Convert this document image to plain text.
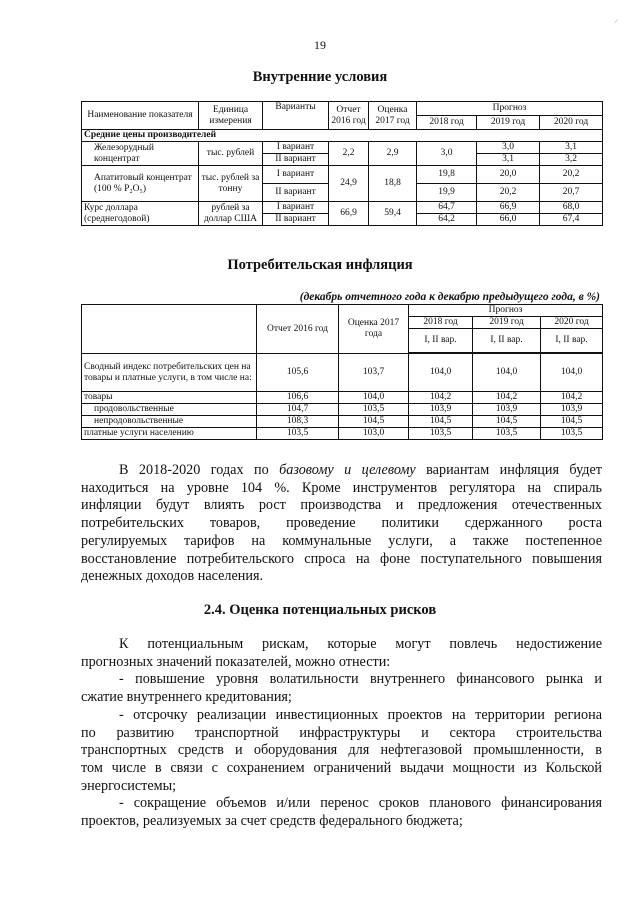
⸝
19
Внутренние условия
Наименование показателя	Единица измерения	Варианты	Отчет 2016 год	Оценка 2017 год	Прогноз		
					2018 год	2019 год	2020 год
Средние цены производителей							
Железорудный концентрат	тыс. рублей	I вариант	2,2	2,9	3,0	3,0	3,1
		II вариант				3,1	3,2
Апатитовый концентрат (100 % P₂O₅)	тыс. рублей за тонну	I вариант	24,9	18,8	19,8	20,0	20,2
		II вариант			19,9	20,2	20,7
Курс доллара (среднегодовой)	рублей за доллар США	I вариант	66,9	59,4	64,7	66,9	68,0
		II вариант			64,2	66,0	67,4
Потребительская инфляция
(декабрь отчетного года к декабрю предыдущего года, в %)
	Отчет 2016 год	Оценка 2017 года	Прогноз		
			2018 год	2019 год	2020 год
			I, II вар.	I, II вар.	I, II вар.

Сводный индекс потребительских цен на товары и платные услуги, в том числе на:	105,6	103,7	104,0	104,0	104,0
товары	106,6	104,0	104,2	104,2	104,2
продовольственные	104,7	103,5	103,9	103,9	103,9
непродовольственные	108,3	104,5	104,5	104,5	104,5
платные услуги населению	103,5	103,0	103,5	103,5	103,5
В 2018-2020 годах по базовому и целевому вариантам инфляция будет
находиться на уровне 104 %. Кроме инструментов регулятора на спираль
инфляции будут влиять рост производства и предложения отечественных
потребительских товаров, проведение политики сдержанного роста
регулируемых тарифов на коммунальные услуги, а также постепенное
восстановление потребительского спроса на фоне поступательного повышения
денежных доходов населения.
2.4. Оценка потенциальных рисков
К потенциальным рискам, которые могут повлечь недостижение
прогнозных значений показателей, можно отнести:
- повышение уровня волатильности внутреннего финансового рынка и
сжатие внутреннего кредитования;
- отсрочку реализации инвестиционных проектов на территории региона
по развитию транспортной инфраструктуры и сектора строительства
транспортных средств и оборудования для нефтегазовой промышленности, в
том числе в связи с сохранением ограничений выдачи мощности из Кольской
энергосистемы;
- сокращение объемов и/или перенос сроков планового финансирования
проектов, реализуемых за счет средств федерального бюджета;
